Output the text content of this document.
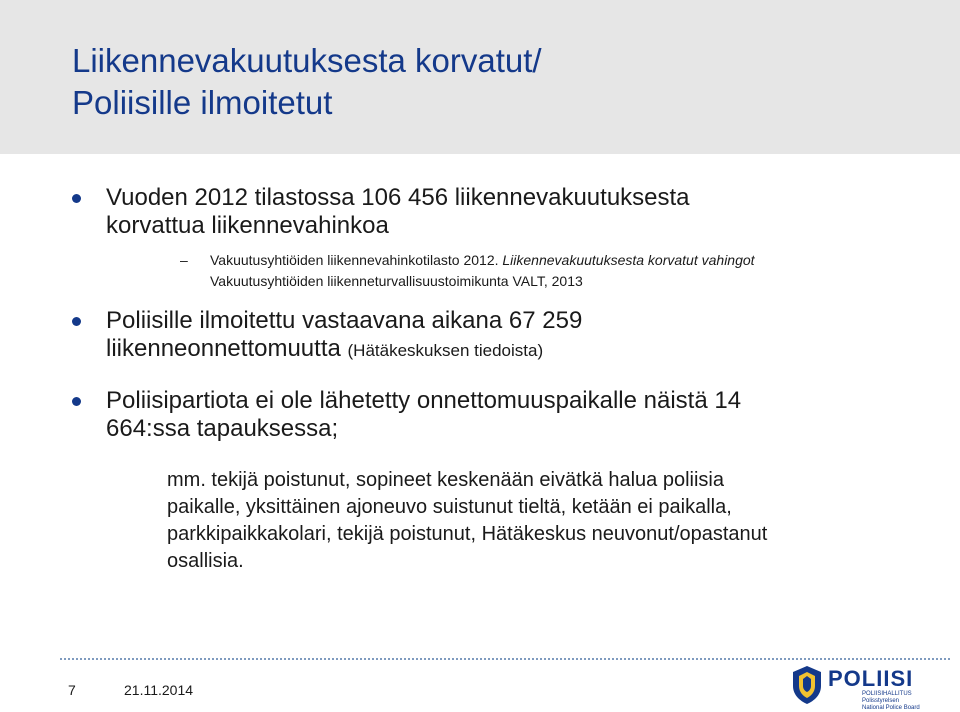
Liikennevakuutuksesta korvatut/
Poliisille ilmoitetut
Vuoden 2012 tilastossa 106 456 liikennevakuutuksesta
korvattua liikennevahinkoa
– Vakuutusyhtiöiden liikennevahinkotilasto 2012. Liikennevakuutuksesta korvatut vahingot
Vakuutusyhtiöiden liikenneturvallisuustoimikunta VALT, 2013
Poliisille ilmoitettu vastaavana aikana 67 259
liikenneonnettomuutta (Hätäkeskuksen tiedoista)
Poliisipartiota ei ole lähetetty onnettomuuspaikalle näistä 14
664:ssa tapauksessa;
mm. tekijä poistunut, sopineet keskenään eivätkä halua poliisia
paikalle, yksittäinen ajoneuvo suistunut tieltä, ketään ei paikalla,
parkkipaikkakolari, tekijä poistunut, Hätäkeskus neuvonut/opastanut
osallisia.
7	21.11.2014	POLIISI
POLIISIHALLITUS
Polisstyrelsen
National Police Board
